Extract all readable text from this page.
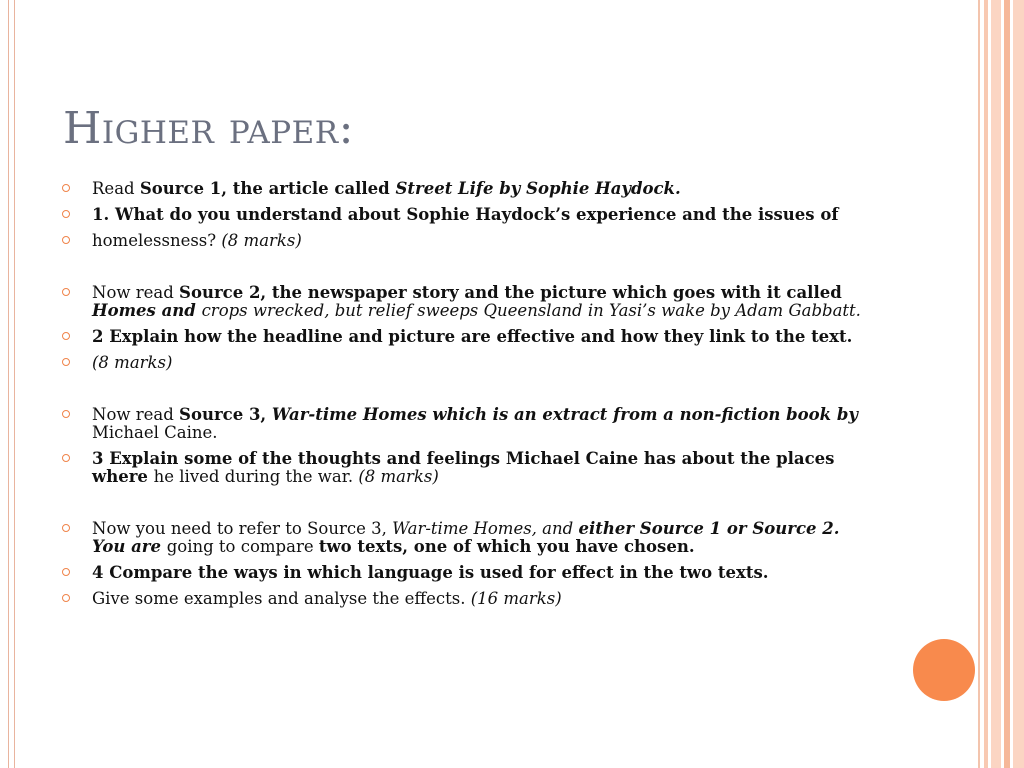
Higher paper:
Read Source 1, the article called Street Life by Sophie Haydock.
1. What do you understand about Sophie Haydock’s experience and the issues of
homelessness? (8 marks)
Now read Source 2, the newspaper story and the picture which goes with it called Homes and crops wrecked, but relief sweeps Queensland in Yasi’s wake by Adam Gabbatt.
2 Explain how the headline and picture are effective and how they link to the text.
(8 marks)
Now read Source 3, War-time Homes which is an extract from a non-fiction book by Michael Caine.
3 Explain some of the thoughts and feelings Michael Caine has about the places where he lived during the war. (8 marks)
Now you need to refer to Source 3, War-time Homes, and either Source 1 or Source 2. You are going to compare two texts, one of which you have chosen.
4 Compare the ways in which language is used for effect in the two texts.
Give some examples and analyse the effects. (16 marks)
